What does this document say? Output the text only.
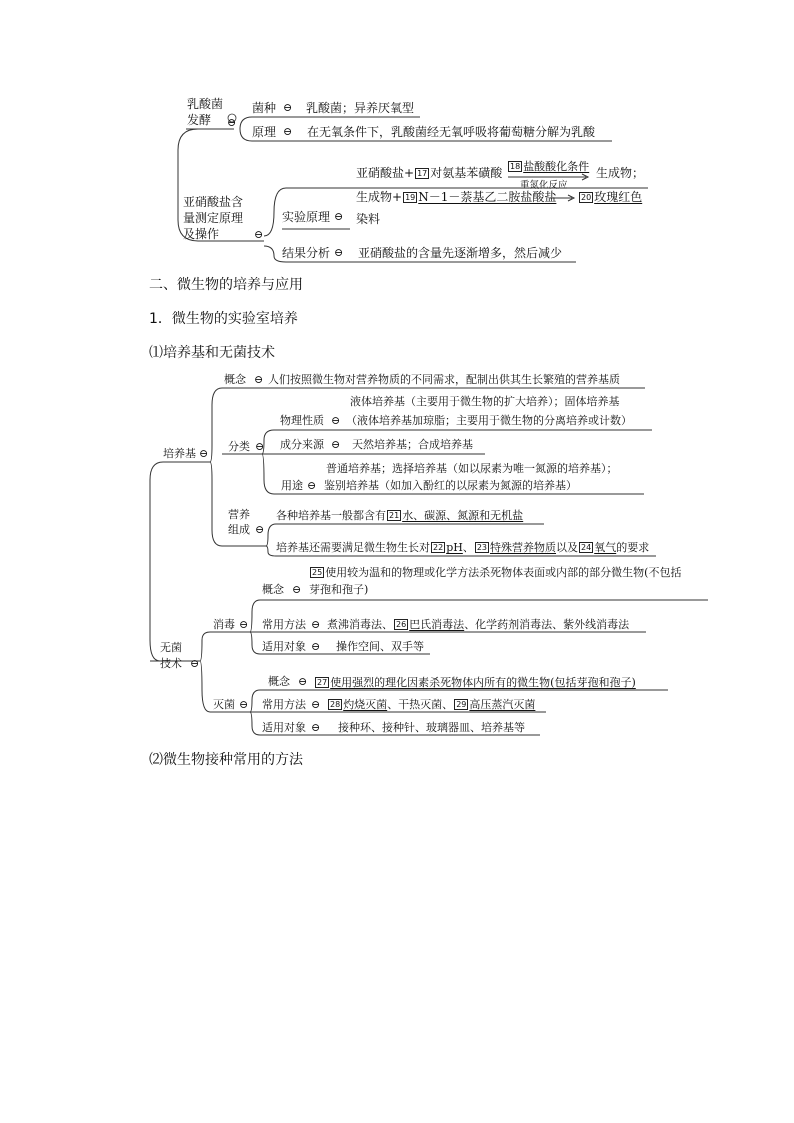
乳酸菌
发酵 ⊖
菌种 ⊖ 乳酸菌；异养厌氧型
原理 ⊖ 在无氧条件下，乳酸菌经无氧呼吸将葡萄糖分解为乳酸
亚硝酸盐含
量测定原理
及操作	⊖
亚硝酸盐+ 17 对氨基苯磺酸 18 盐酸酸化条件
重氮化反应
生成物；
生成物+ 19 N－1－萘基乙二胺盐酸盐	20 玫瑰红色
实验原理 ⊖ 染料
结果分析 ⊖ 亚硝酸盐的含量先逐渐增多，然后减少
二、微生物的培养与应用
1．微生物的实验室培养
⑴培养基和无菌技术
培养基 ⊖
概念 ⊖ 人们按照微生物对营养物质的不同需求，配制出供其生长繁殖的营养基质
分类 ⊖
物理性质 ⊖
液体培养基（主要用于微生物的扩大培养）；固体培养基
（液体培养基加琼脂；主要用于微生物的分离培养或计数）
成分来源 ⊖ 天然培养基；合成培养基
用途 ⊖
普通培养基；选择培养基（如以尿素为唯一氮源的培养基）；
鉴别培养基（如加入酚红的以尿素为氮源的培养基）
营养
组成 ⊖
各种培养基一般都含有 21 水、碳源、氮源和无机盐
培养基还需要满足微生物生长对 22 pH、 23 特殊营养物质以及 24 氧气的要求
无菌
技术 ⊖
消毒 ⊖
概念 ⊖
25 使用较为温和的物理或化学方法杀死物体表面或内部的部分微生物(不包括
芽孢和孢子)
常用方法 ⊖ 煮沸消毒法、 26 巴氏消毒法、化学药剂消毒法、紫外线消毒法
适用对象 ⊖ 操作空间、双手等
灭菌 ⊖
概念 ⊖	27 使用强烈的理化因素杀死物体内所有的微生物(包括芽孢和孢子)
常用方法 ⊖	28 灼烧灭菌、干热灭菌、 29 高压蒸汽灭菌
适用对象 ⊖ 接种环、接种针、玻璃器皿、培养基等
⑵微生物接种常用的方法
